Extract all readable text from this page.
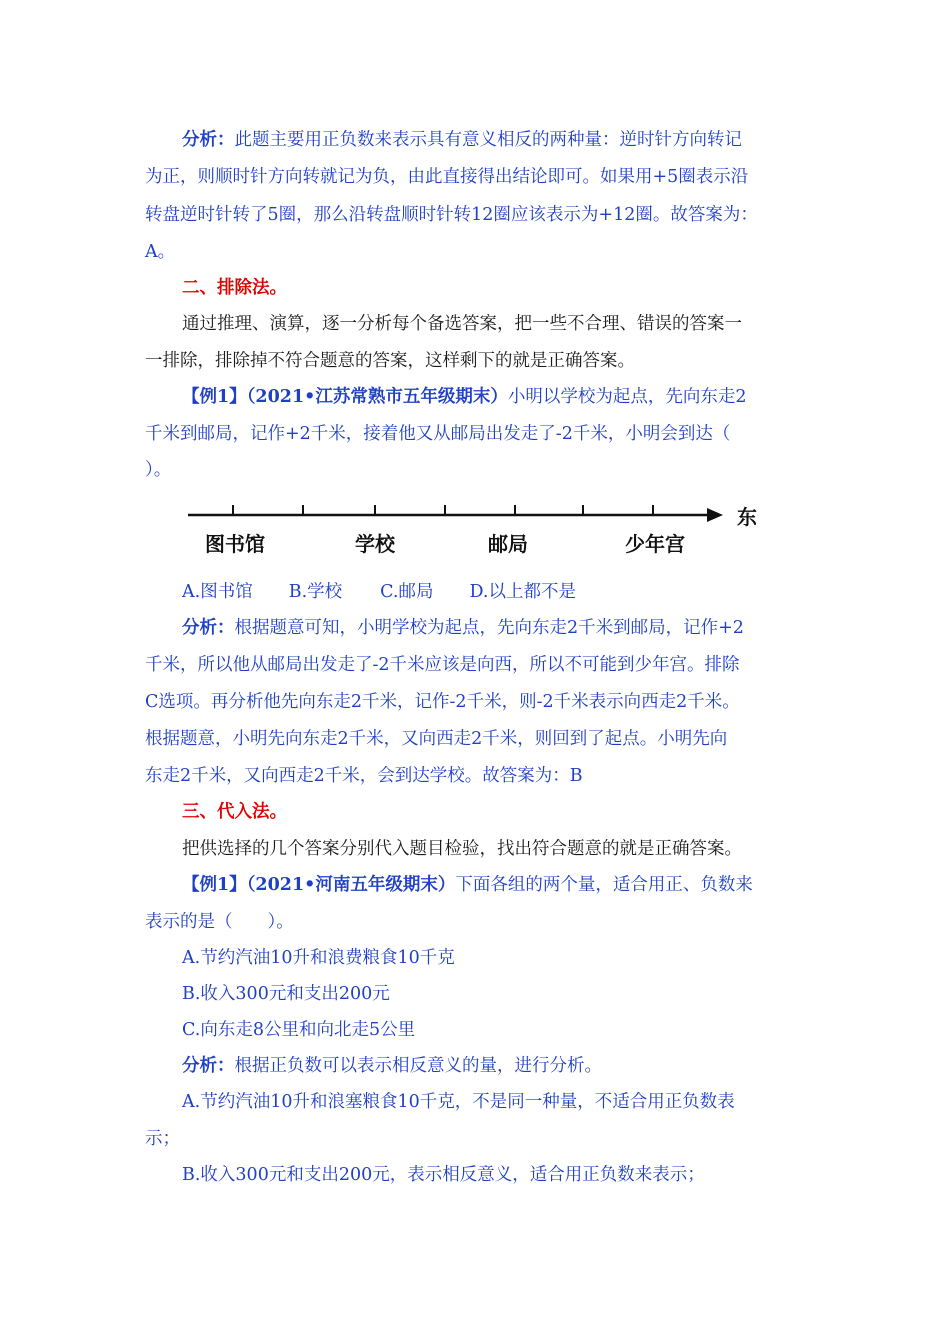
分析：此题主要用正负数来表示具有意义相反的两种量：逆时针方向转记
为正，则顺时针方向转就记为负，由此直接得出结论即可。如果用+5圈表示沿
转盘逆时针转了5圈，那么沿转盘顺时针转12圈应该表示为+12圈。故答案为：
A。
二、排除法。
通过推理、演算，逐一分析每个备选答案，把一些不合理、错误的答案一
一排除，排除掉不符合题意的答案，这样剩下的就是正确答案。
【例1】（2021•江苏常熟市五年级期末）小明以学校为起点，先向东走2
千米到邮局，记作+2千米，接着他又从邮局出发走了-2千米，小明会到达（
）。
图书馆	学校	邮局	少年宫
东
A.图书馆 B.学校 C.邮局 D.以上都不是
分析：根据题意可知，小明学校为起点，先向东走2千米到邮局，记作+2
千米，所以他从邮局出发走了-2千米应该是向西，所以不可能到少年宫。排除
C选项。再分析他先向东走2千米，记作-2千米，则-2千米表示向西走2千米。
根据题意，小明先向东走2千米，又向西走2千米，则回到了起点。小明先向
东走2千米，又向西走2千米，会到达学校。故答案为：B
三、代入法。
把供选择的几个答案分别代入题目检验，找出符合题意的就是正确答案。
【例1】（2021•河南五年级期末）下面各组的两个量，适合用正、负数来
表示的是（　　）。
A.节约汽油10升和浪费粮食10千克
B.收入300元和支出200元
C.向东走8公里和向北走5公里
分析：根据正负数可以表示相反意义的量，进行分析。
A.节约汽油10升和浪塞粮食10千克，不是同一种量，不适合用正负数表
示；
B.收入300元和支出200元，表示相反意义，适合用正负数来表示；
